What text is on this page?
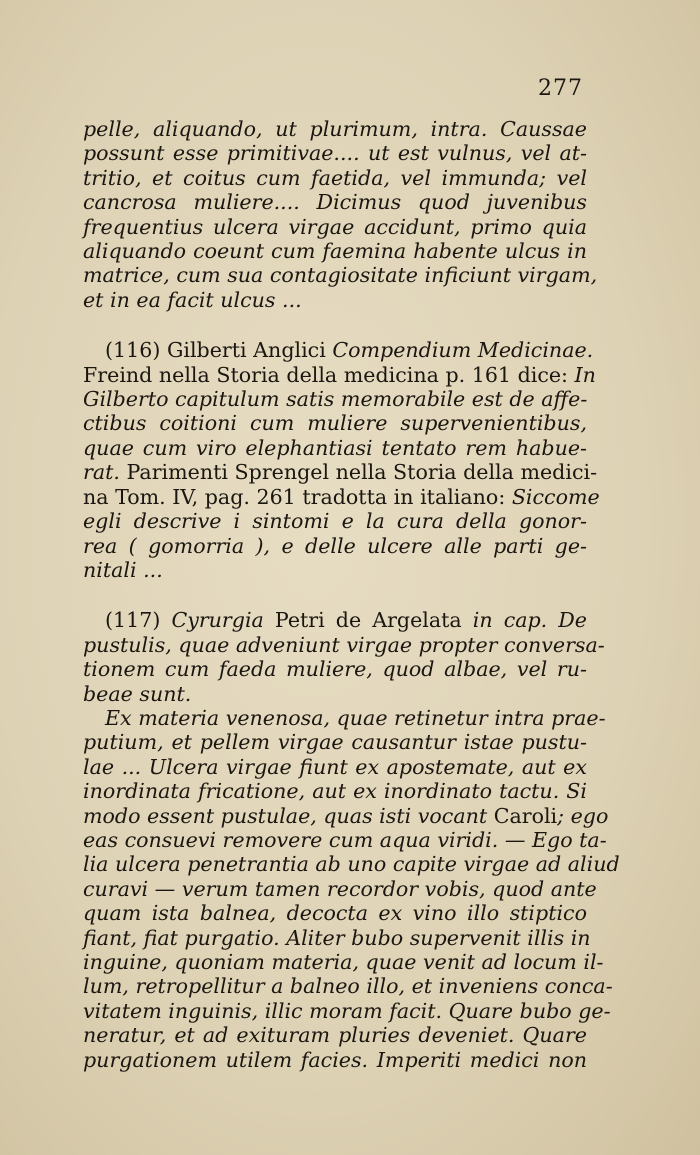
277
pelle, aliquando, ut plurimum, intra. Caussae
possunt esse primitivae.... ut est vulnus, vel at-
tritio, et coitus cum faetida, vel immunda; vel
cancrosa muliere.... Dicimus quod juvenibus
frequentius ulcera virgae accidunt, primo quia
aliquando coeunt cum faemina habente ulcus in
matrice, cum sua contagiositate inficiunt virgam,
et in ea facit ulcus ...
(116) Gilberti Anglici Compendium Medicinae.
Freind nella Storia della medicina p. 161 dice: In
Gilberto capitulum satis memorabile est de affe-
ctibus coitioni cum muliere supervenientibus,
quae cum viro elephantiasi tentato rem habue-
rat. Parimenti Sprengel nella Storia della medici-
na Tom. IV, pag. 261 tradotta in italiano: Siccome
egli descrive i sintomi e la cura della gonor-
rea ( gomorria ), e delle ulcere alle parti ge-
nitali ...
(117) Cyrurgia Petri de Argelata in cap. De
pustulis, quae adveniunt virgae propter conversa-
tionem cum faeda muliere, quod albae, vel ru-
beae sunt.
Ex materia venenosa, quae retinetur intra prae-
putium, et pellem virgae causantur istae pustu-
lae ... Ulcera virgae fiunt ex apostemate, aut ex
inordinata fricatione, aut ex inordinato tactu. Si
modo essent pustulae, quas isti vocant Caroli; ego
eas consuevi removere cum aqua viridi. — Ego ta-
lia ulcera penetrantia ab uno capite virgae ad aliud
curavi — verum tamen recordor vobis, quod ante
quam ista balnea, decocta ex vino illo stiptico
fiant, fiat purgatio. Aliter bubo supervenit illis in
inguine, quoniam materia, quae venit ad locum il-
lum, retropellitur a balneo illo, et inveniens conca-
vitatem inguinis, illic moram facit. Quare bubo ge-
neratur, et ad exituram pluries deveniet. Quare
purgationem utilem facies. Imperiti medici non
